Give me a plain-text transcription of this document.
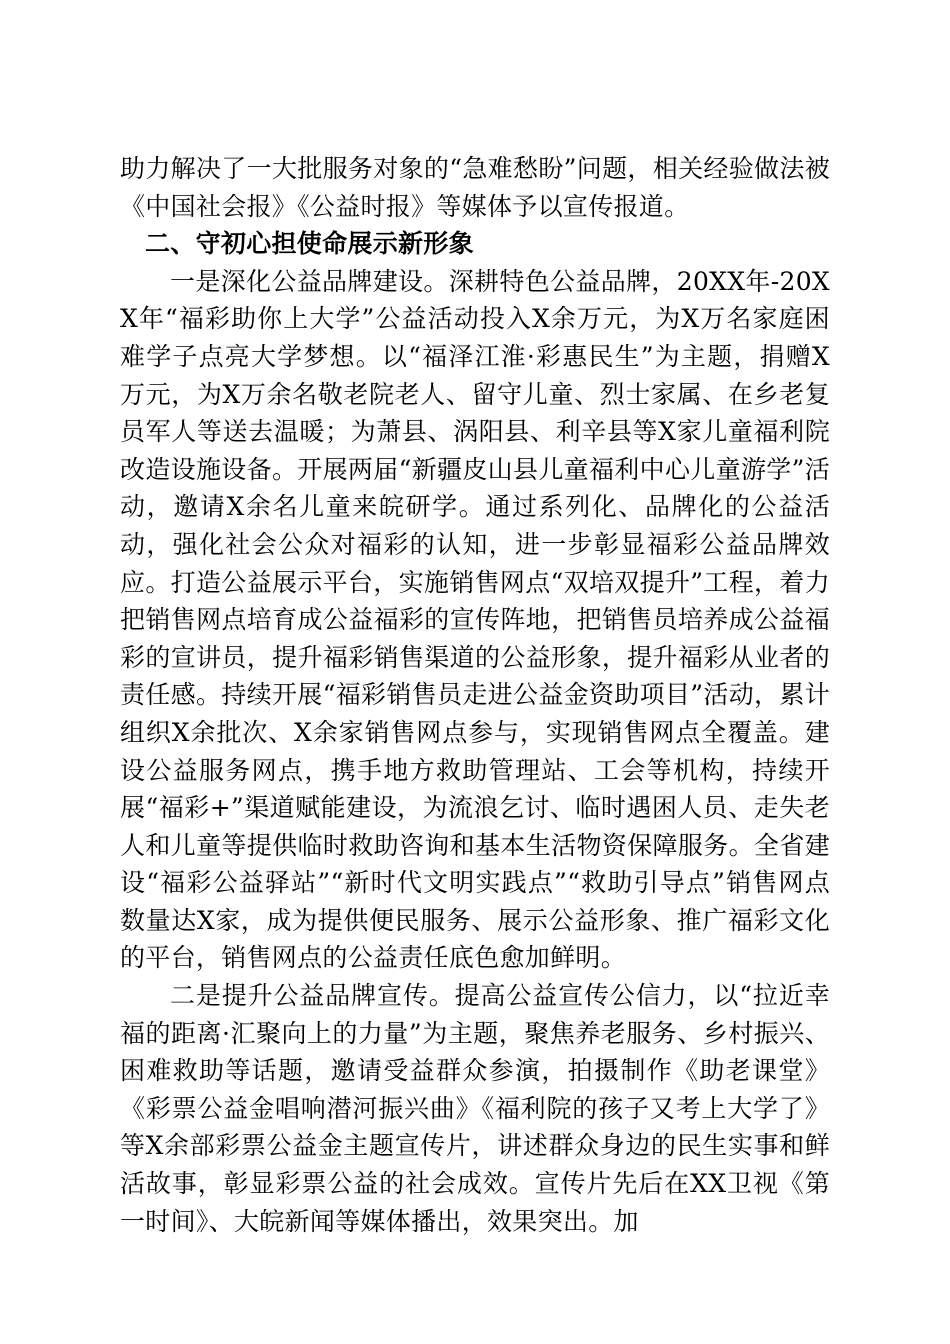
助力解决了一大批服务对象的“急难愁盼”问题，相关经验做法被《中国社会报》《公益时报》等媒体予以宣传报道。

二、守初心担使命展示新形象

一是深化公益品牌建设。深耕特色公益品牌，20XX年-20XX年“福彩助你上大学”公益活动投入X余万元，为X万名家庭困难学子点亮大学梦想。以“福泽江淮·彩惠民生”为主题，捐赠X万元，为X万余名敬老院老人、留守儿童、烈士家属、在乡老复员军人等送去温暖；为萧县、涡阳县、利辛县等X家儿童福利院改造设施设备。开展两届“新疆皮山县儿童福利中心儿童游学”活动，邀请X余名儿童来皖研学。通过系列化、品牌化的公益活动，强化社会公众对福彩的认知，进一步彰显福彩公益品牌效应。打造公益展示平台，实施销售网点“双培双提升”工程，着力把销售网点培育成公益福彩的宣传阵地，把销售员培养成公益福彩的宣讲员，提升福彩销售渠道的公益形象，提升福彩从业者的责任感。持续开展“福彩销售员走进公益金资助项目”活动，累计组织X余批次、X余家销售网点参与，实现销售网点全覆盖。建设公益服务网点，携手地方救助管理站、工会等机构，持续开展“福彩+”渠道赋能建设，为流浪乞讨、临时遇困人员、走失老人和儿童等提供临时救助咨询和基本生活物资保障服务。全省建设“福彩公益驿站”“新时代文明实践点”“救助引导点”销售网点数量达X家，成为提供便民服务、展示公益形象、推广福彩文化的平台，销售网点的公益责任底色愈加鲜明。

二是提升公益品牌宣传。提高公益宣传公信力，以“拉近幸福的距离·汇聚向上的力量”为主题，聚焦养老服务、乡村振兴、困难救助等话题，邀请受益群众参演，拍摄制作《助老课堂》《彩票公益金唱响潜河振兴曲》《福利院的孩子又考上大学了》等X余部彩票公益金主题宣传片，讲述群众身边的民生实事和鲜活故事，彰显彩票公益的社会成效。宣传片先后在XX卫视《第一时间》、大皖新闻等媒体播出，效果突出。加
